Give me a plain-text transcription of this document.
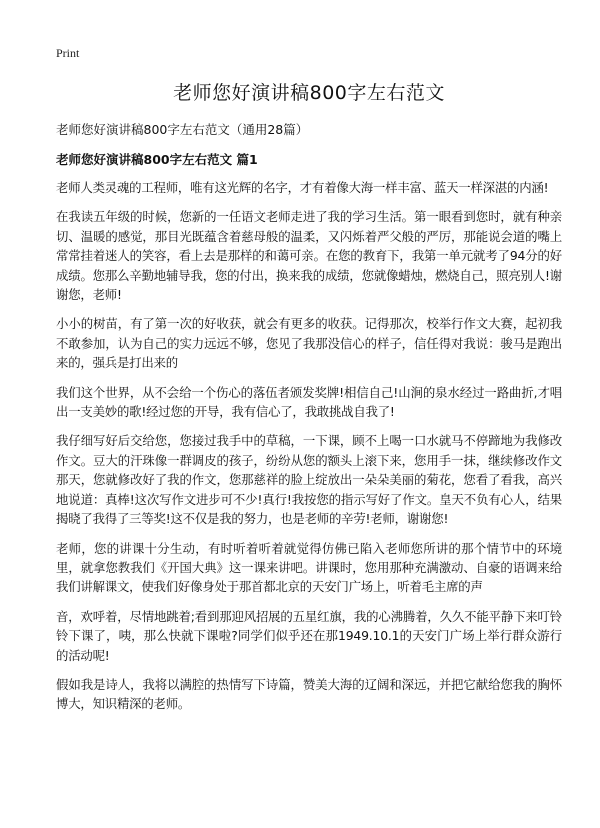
Print
老师您好演讲稿800字左右范文

老师您好演讲稿800字左右范文（通用28篇）

老师您好演讲稿800字左右范文 篇1

老师人类灵魂的工程师，唯有这光辉的名字，才有着像大海一样丰富、蓝天一样深湛的内涵!

在我读五年级的时候，您新的一任语文老师走进了我的学习生活。第一眼看到您时，就有种亲切、温暖的感觉，那目光既蕴含着慈母般的温柔，又闪烁着严父般的严厉，那能说会道的嘴上常常挂着迷人的笑容，看上去是那样的和蔼可亲。在您的教育下，我第一单元就考了94分的好成绩。您那么辛勤地辅导我，您的付出，换来我的成绩，您就像蜡烛，燃烧自己，照亮别人!谢谢您，老师!

小小的树苗，有了第一次的好收获，就会有更多的收获。记得那次，校举行作文大赛，起初我不敢参加，认为自己的实力远远不够，您见了我那没信心的样子，信任得对我说：骏马是跑出来的，强兵是打出来的

我们这个世界，从不会给一个伤心的落伍者颁发奖牌!相信自己!山涧的泉水经过一路曲折,才唱出一支美妙的歌!经过您的开导，我有信心了，我敢挑战自我了!

我仔细写好后交给您，您接过我手中的草稿，一下课，顾不上喝一口水就马不停蹄地为我修改作文。豆大的汗珠像一群调皮的孩子，纷纷从您的额头上滚下来，您用手一抹，继续修改作文那天，您就修改好了我的作文，您那慈祥的脸上绽放出一朵朵美丽的菊花，您看了看我，高兴地说道：真棒!这次写作文进步可不少!真行!我按您的指示写好了作文。皇天不负有心人，结果揭晓了我得了三等奖!这不仅是我的努力，也是老师的辛劳!老师，谢谢您!

老师，您的讲课十分生动，有时听着听着就觉得仿佛已陷入老师您所讲的那个情节中的环境里，就拿您教我们《开国大典》这一课来讲吧。讲课时，您用那种充满激动、自豪的语调来给我们讲解课文，使我们好像身处于那首都北京的天安门广场上，听着毛主席的声

音，欢呼着，尽情地跳着;看到那迎风招展的五星红旗，我的心沸腾着，久久不能平静下来叮铃铃下课了，咦，那么快就下课啦?同学们似乎还在那1949.10.1的天安门广场上举行群众游行的活动呢!

假如我是诗人，我将以满腔的热情写下诗篇，赞美大海的辽阔和深远，并把它献给您我的胸怀博大，知识精深的老师。
